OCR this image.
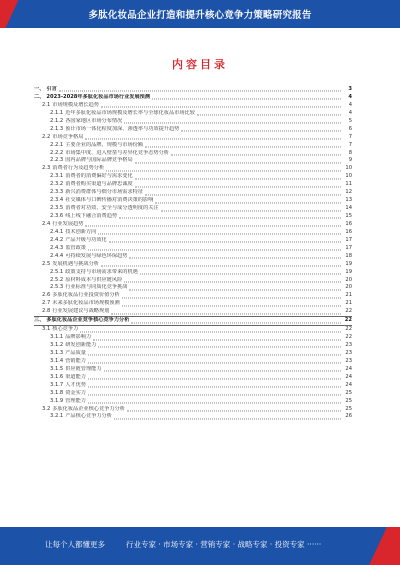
多肽化妆品企业打造和提升核心竞争力策略研究报告
内容目录
一、 引言	3
二、 2023-2028年多肽化妆品市场行业发展预测	4
2.1 市场规模及增长趋势	4
2.1.1 近年多肽化妆品市场规模及增长率与全球化妆品市场比较	4
2.1.2 各国家地区市场分布情况	5
2.1.3 预计市场一体化程度加深、渗透率与功效提升趋势	6
2.2 市场竞争格局	7
2.2.1 主要企业的品牌、规模与市场份额	7
2.2.2 市场集中度、进入壁垒与差异化竞争态势分析	8
2.2.3 国内品牌与国际品牌竞争格局	9
2.3 消费者行为及趋势分析	10
2.3.1 消费者的消费偏好与需求变化	10
2.3.2 消费者购买渠道与品牌忠诚度	11
2.3.3 新兴消费群体与细分市场需求特征	12
2.3.4 社交媒体与口碑传播对消费决策的影响	13
2.3.5 消费者对功效、安全与成分透明度的关注	14
2.3.6 线上线下融合消费趋势	15
2.4 行业发展趋势	16
2.4.1 技术创新方向	16
2.4.2 产品升级与功效化	17
2.4.3 监管政策	17
2.4.4 可持续发展与绿色环保趋势	18
2.5 发展机遇与挑战分析	19
2.5.1 政策支持与市场需求带来的机遇	19
2.5.2 原材料成本与供应链风险	20
2.5.3 行业标准与同质化竞争挑战	20
2.6 多肽化妆品行业投资价值分析	21
2.7 未来多肽化妆品市场规模预测	21
2.8 行业发展建议与战略规划	22
三、 多肽化妆品企业竞争核心竞争力分析	22
3.1 核心竞争力	22
3.1.1 品牌影响力	22
3.1.2 研发创新能力	23
3.1.3 产品质量	23
3.1.4 营销能力	23
3.1.5 供应链管理能力	24
3.1.6 渠道能力	24
3.1.7 人才优势	24
3.1.8 资金实力	25
3.1.9 管理能力	25
3.2 多肽化妆品企业核心竞争力分析	25
3.2.1 产品核心竞争力分析	26
让每个人都懂更多	行业专家 · 市场专家 · 营销专家 · 战略专家 · 投资专家 ······
